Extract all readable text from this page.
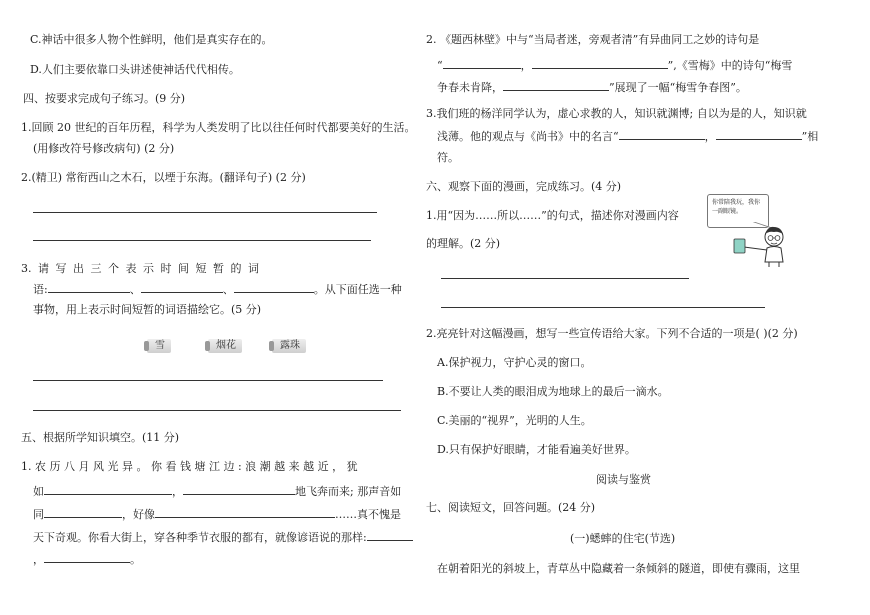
C.神话中很多人物个性鲜明，他们是真实存在的。
D.人们主要依靠口头讲述使神话代代相传。
四、按要求完成句子练习。(9 分)
1.回顾 20 世纪的百年历程，科学为人类发明了比以往任何时代都要美好的生活。
(用修改符号修改病句) (2 分)
2.(精卫) 常衔西山之木石，以堙于东海。(翻译句子) (2 分)
3. 请 写 出 三 个 表 示 时 间 短 暂 的 词
语:	、	、	。从下面任选一种
事物，用上表示时间短暂的词语描绘它。(5 分)
雪	烟花	露珠
五、根据所学知识填空。(11 分)
1. 农 历 八 月 风 光 异 。 你 看 钱 塘 江 边 : 浪 潮 越 来 越 近 ， 犹
如	，	地飞奔而来; 那声音如
同	，好像	……真不愧是
天下奇观。你看大街上，穿各种季节衣服的都有，就像谚语说的那样:
，	。
2. 《题西林壁》中与“当局者迷，旁观者清”有异曲同工之妙的诗句是
“	，	”,《雪梅》中的诗句“梅雪
争春未肯降，	”展现了一幅“梅雪争春图”。
3.我们班的杨洋同学认为，虚心求教的人，知识就渊博; 自以为是的人，知识就
浅薄。他的观点与《尚书》中的名言“	，	”相
符。
六、观察下面的漫画，完成练习。(4 分)
1.用“因为……所以……”的句式，描述你对漫画内容
的理解。(2 分)
你常陪我玩，我你一副眼镜。
2.亮亮针对这幅漫画，想写一些宣传语给大家。下列不合适的一项是( )(2 分)
A.保护视力，守护心灵的窗口。
B.不要让人类的眼泪成为地球上的最后一滴水。
C.美丽的“视界”，光明的人生。
D.只有保护好眼睛，才能看遍美好世界。
阅读与鉴赏
七、阅读短文，回答问题。(24 分)
(一)蟋蟀的住宅(节选)
在朝着阳光的斜坡上，青草丛中隐藏着一条倾斜的隧道，即使有骤雨，这里
